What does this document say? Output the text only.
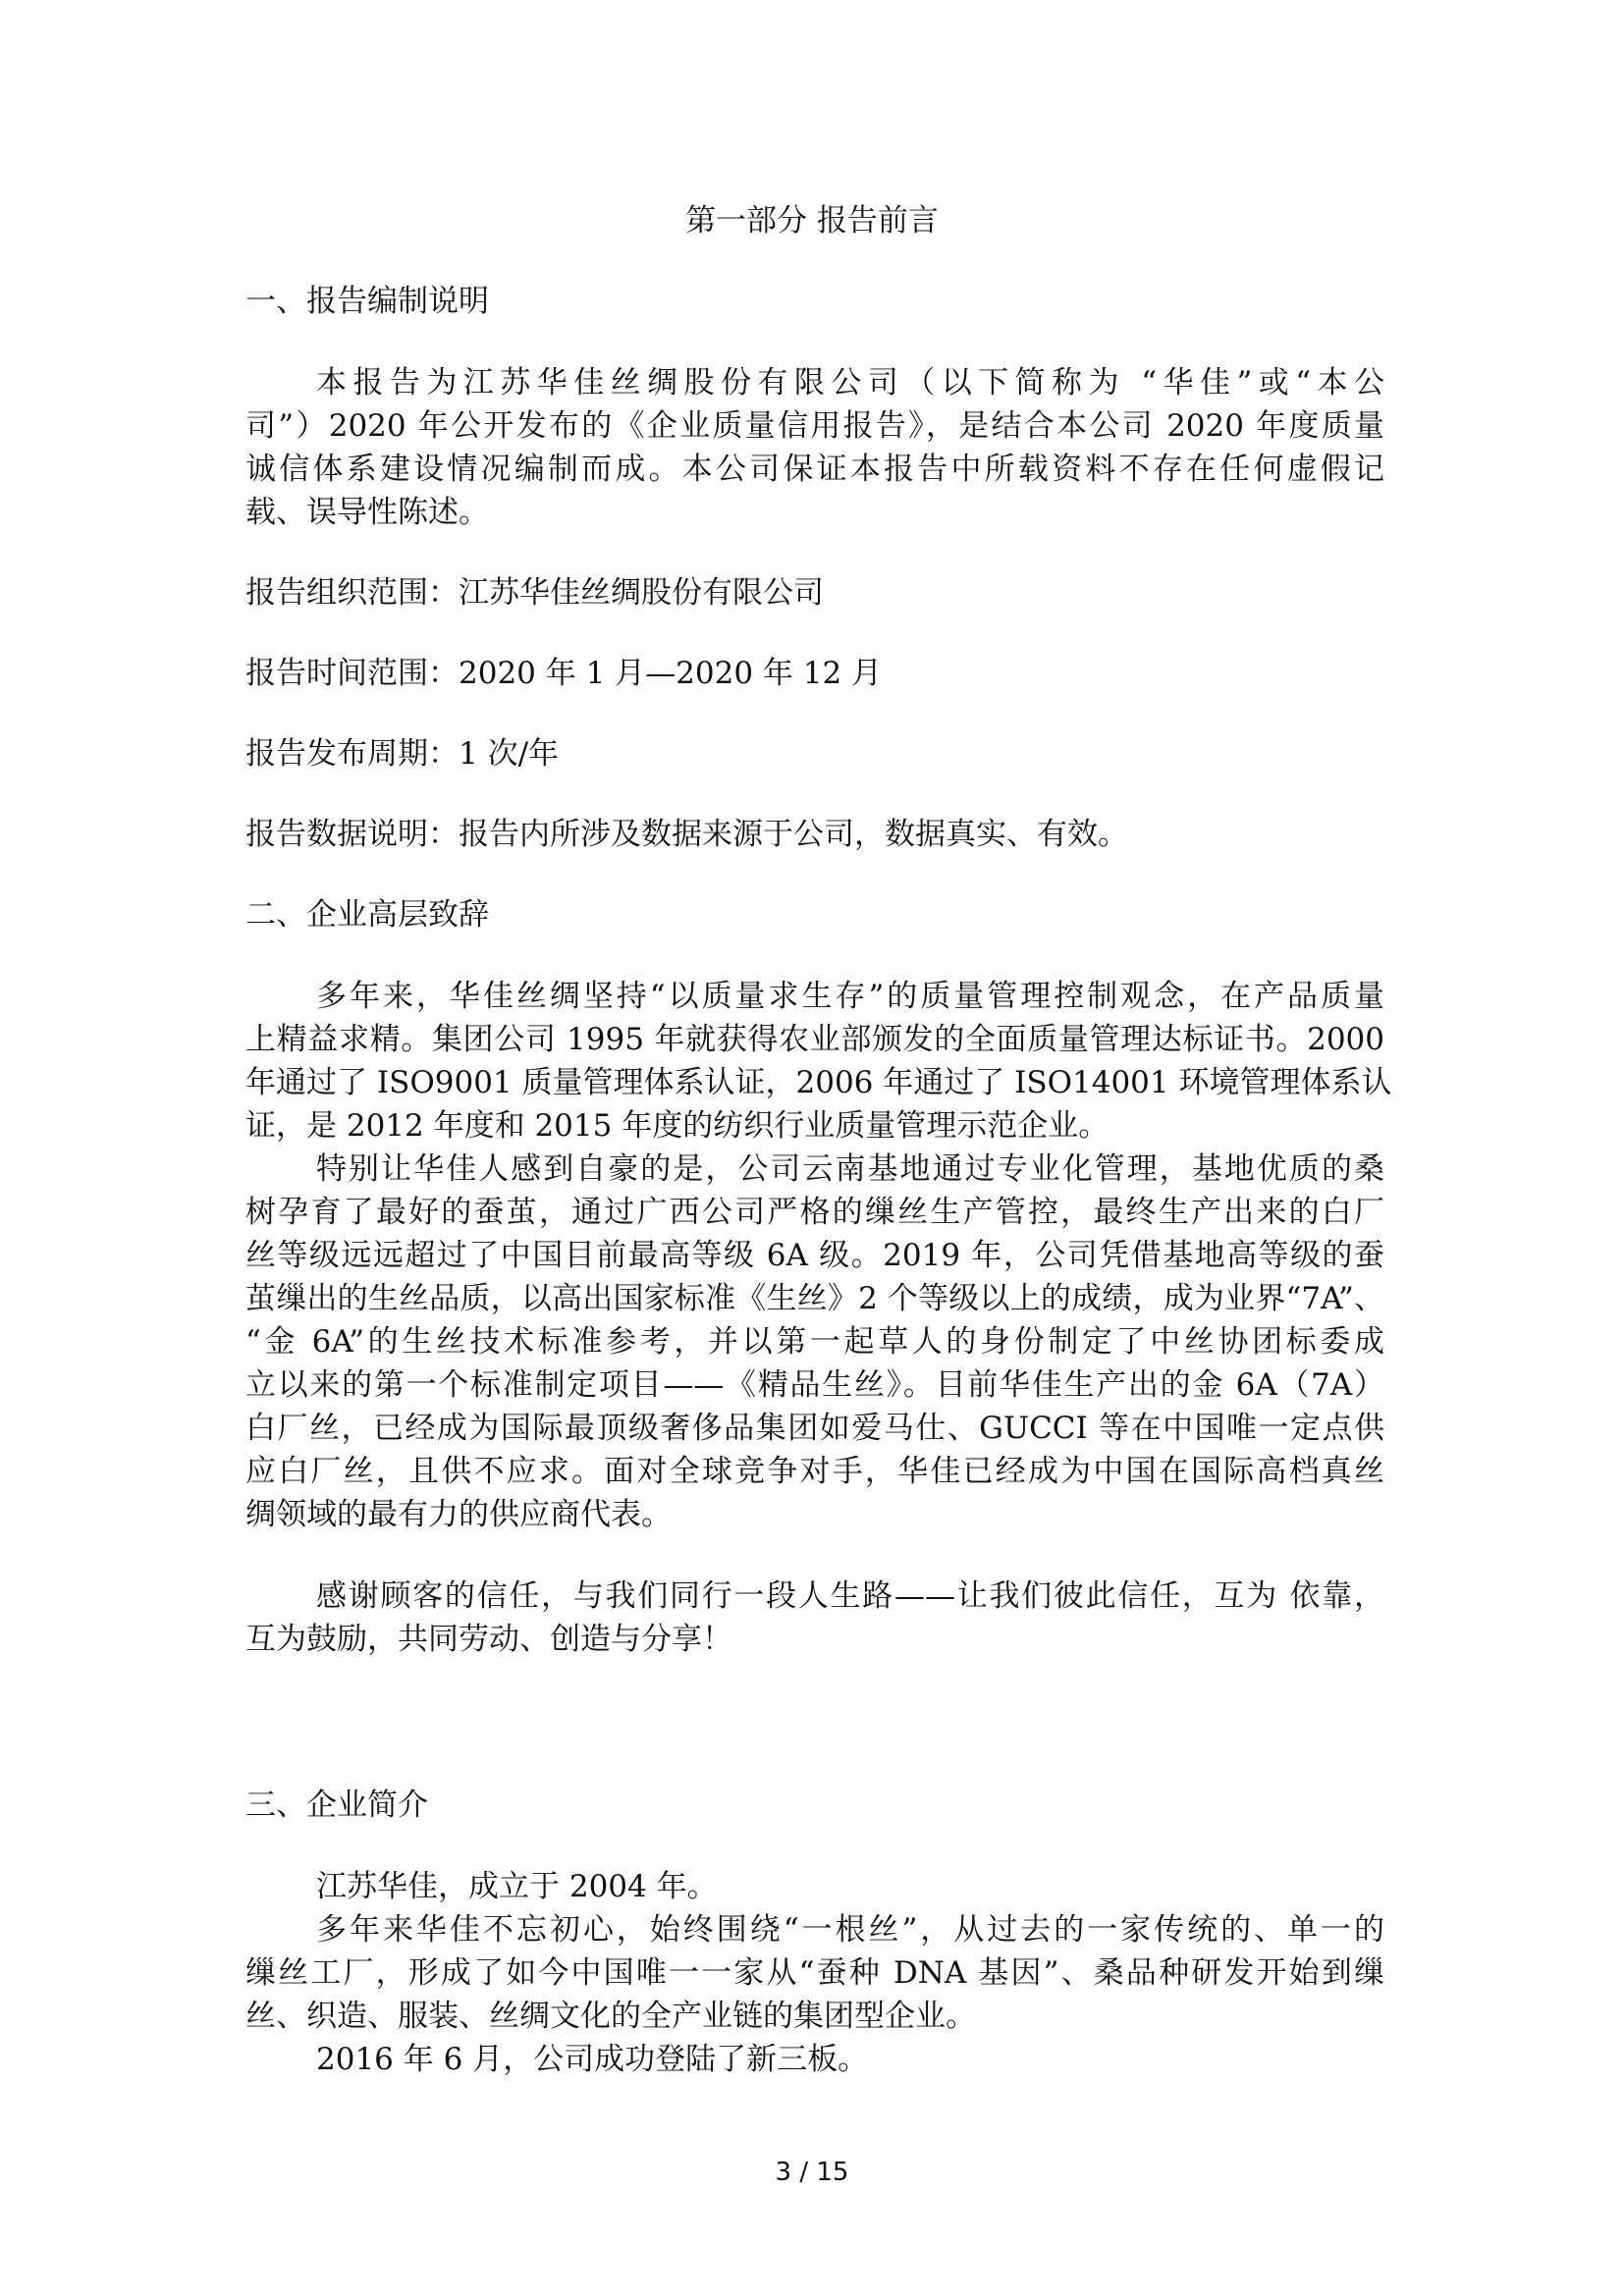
第一部分 报告前言
一、报告编制说明
本报告为江苏华佳丝绸股份有限公司（以下简称为 “华佳”或“本公
司”）2020 年公开发布的《企业质量信用报告》，是结合本公司 2020 年度质量
诚信体系建设情况编制而成。本公司保证本报告中所载资料不存在任何虚假记
载、误导性陈述。
报告组织范围：江苏华佳丝绸股份有限公司
报告时间范围：2020 年 1 月—2020 年 12 月
报告发布周期：1 次/年
报告数据说明：报告内所涉及数据来源于公司，数据真实、有效。
二、企业高层致辞
多年来，华佳丝绸坚持“以质量求生存”的质量管理控制观念，在产品质量
上精益求精。集团公司 1995 年就获得农业部颁发的全面质量管理达标证书。2000
年通过了 ISO9001 质量管理体系认证，2006 年通过了 ISO14001 环境管理体系认
证，是 2012 年度和 2015 年度的纺织行业质量管理示范企业。
特别让华佳人感到自豪的是，公司云南基地通过专业化管理，基地优质的桑
树孕育了最好的蚕茧，通过广西公司严格的缫丝生产管控，最终生产出来的白厂
丝等级远远超过了中国目前最高等级 6A 级。2019 年，公司凭借基地高等级的蚕
茧缫出的生丝品质，以高出国家标准《生丝》2 个等级以上的成绩，成为业界“7A”、
“金 6A”的生丝技术标准参考，并以第一起草人的身份制定了中丝协团标委成
立以来的第一个标准制定项目——《精品生丝》。目前华佳生产出的金 6A（7A）
白厂丝，已经成为国际最顶级奢侈品集团如爱马仕、GUCCI 等在中国唯一定点供
应白厂丝，且供不应求。面对全球竞争对手，华佳已经成为中国在国际高档真丝
绸领域的最有力的供应商代表。
感谢顾客的信任，与我们同行一段人生路——让我们彼此信任，互为 依靠，
互为鼓励，共同劳动、创造与分享！
三、企业简介
江苏华佳，成立于 2004 年。
多年来华佳不忘初心，始终围绕“一根丝”，从过去的一家传统的、单一的
缫丝工厂，形成了如今中国唯一一家从“蚕种 DNA 基因”、桑品种研发开始到缫
丝、织造、服装、丝绸文化的全产业链的集团型企业。
2016 年 6 月，公司成功登陆了新三板。
3 / 15
